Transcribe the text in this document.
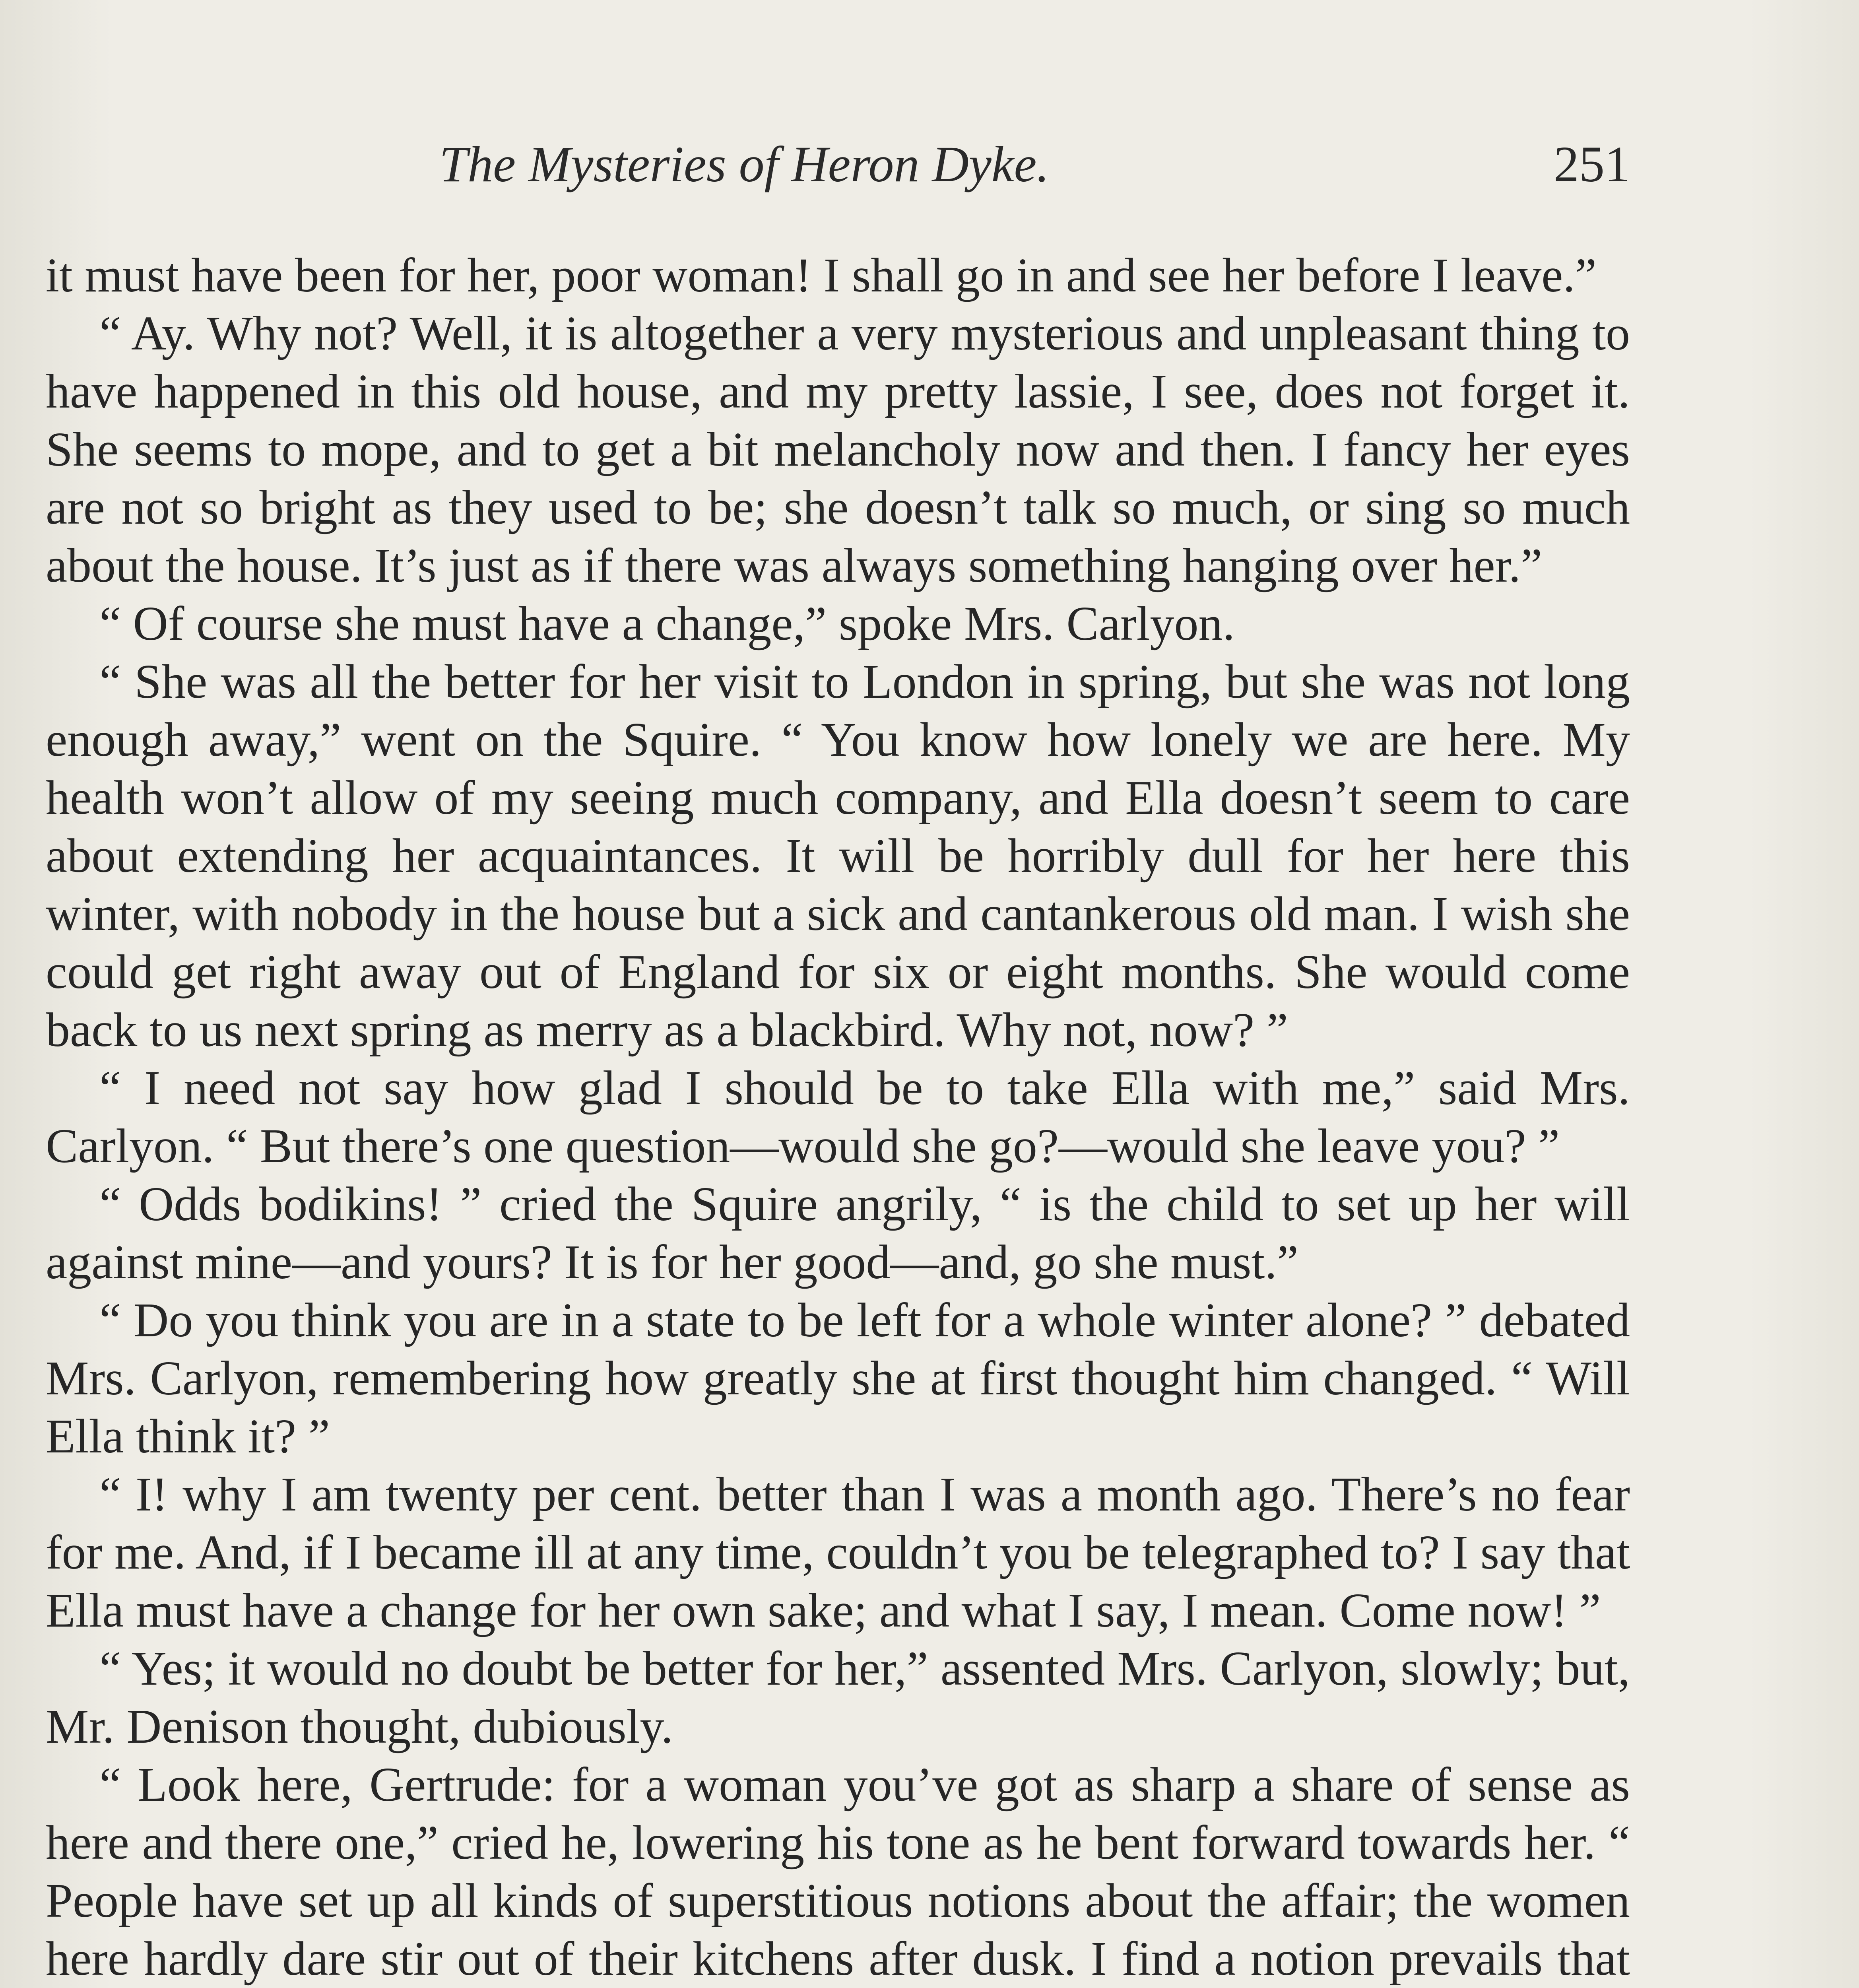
The Mysteries of Heron Dyke.	251

it must have been for her, poor woman! I shall go in and see her before I leave.”

“ Ay. Why not? Well, it is altogether a very mysterious and unpleasant thing to have happened in this old house, and my pretty lassie, I see, does not forget it. She seems to mope, and to get a bit melancholy now and then. I fancy her eyes are not so bright as they used to be; she doesn’t talk so much, or sing so much about the house. It’s just as if there was always something hanging over her.”

“ Of course she must have a change,” spoke Mrs. Carlyon.

“ She was all the better for her visit to London in spring, but she was not long enough away,” went on the Squire. “ You know how lonely we are here. My health won’t allow of my seeing much company, and Ella doesn’t seem to care about extending her acquaintances. It will be horribly dull for her here this winter, with nobody in the house but a sick and cantankerous old man. I wish she could get right away out of England for six or eight months. She would come back to us next spring as merry as a blackbird. Why not, now? ”

“ I need not say how glad I should be to take Ella with me,” said Mrs. Carlyon. “ But there’s one question—would she go?—would she leave you? ”

“ Odds bodikins! ” cried the Squire angrily, “ is the child to set up her will against mine—and yours? It is for her good—and, go she must.”

“ Do you think you are in a state to be left for a whole winter alone? ” debated Mrs. Carlyon, remembering how greatly she at first thought him changed. “ Will Ella think it? ”

“ I! why I am twenty per cent. better than I was a month ago. There’s no fear for me. And, if I became ill at any time, couldn’t you be telegraphed to? I say that Ella must have a change for her own sake; and what I say, I mean. Come now! ”

“ Yes; it would no doubt be better for her,” assented Mrs. Carlyon, slowly; but, Mr. Denison thought, dubiously.

“ Look here, Gertrude: for a woman you’ve got as sharp a share of sense as here and there one,” cried he, lowering his tone as he bent forward towards her. “ People have set up all kinds of superstitious notions about the affair; the women here hardly dare stir out of their kitchens after dusk. I find a notion prevails that
